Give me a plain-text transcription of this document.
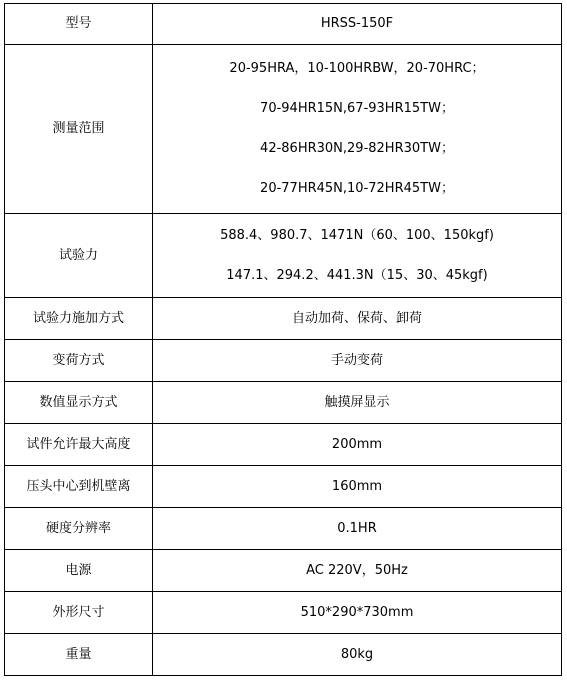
型号	HRSS-150F

测量范围	20-95HRA，10-100HRBW，20-70HRC；
70-94HR15N,67-93HR15TW；
42-86HR30N,29-82HR30TW；
20-77HR45N,10-72HR45TW；

试验力	588.4、980.7、1471N（60、100、150kgf)
147.1、294.2、441.3N（15、30、45kgf)

试验力施加方式	自动加荷、保荷、卸荷

变荷方式	手动变荷

数值显示方式	触摸屏显示

试件允许最大高度	200mm

压头中心到机壁离	160mm

硬度分辨率	0.1HR

电源	AC 220V，50Hz

外形尺寸	510*290*730mm

重量	80kg
